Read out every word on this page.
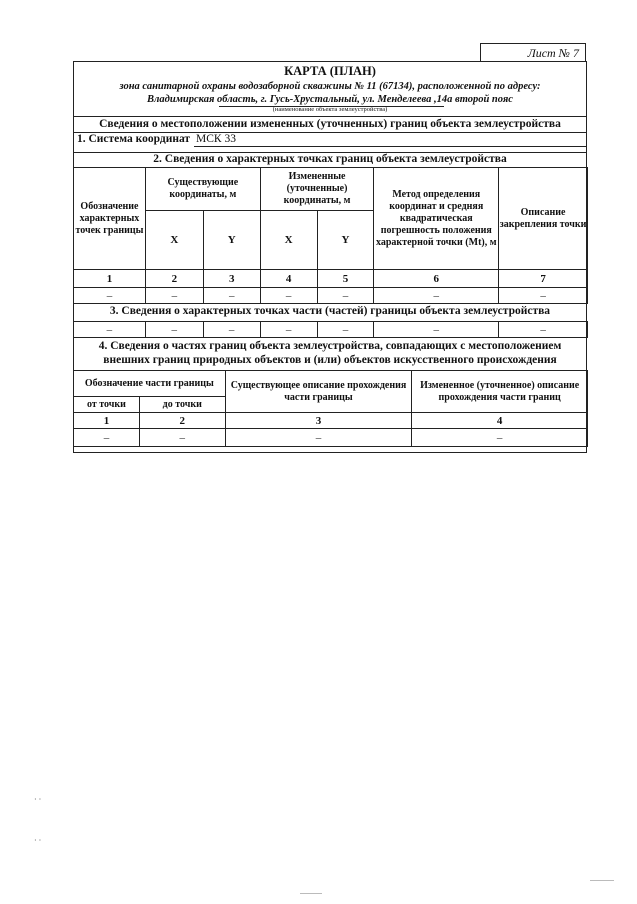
Лист № 7
КАРТА (ПЛАН)
зона санитарной охраны водозаборной скважины № 11 (67134), расположенной по адресу:
Владимирская область, г. Гусь-Хрустальный, ул. Менделеева ,14а второй пояс
(наименование объекта землеустройства)
Сведения о местоположении измененных (уточненных) границ объекта землеустройства
1. Система координат МСК 33
2. Сведения о характерных точках границ объекта землеустройства
Обозначение характерных точек границы	Существующие координаты, м		Измененные (уточненные) координаты, м		Метод определения координат и средняя квадратическая погрешность положения характерной точки (Mt), м	Описание закрепления точки
	X	Y	X	Y		
1	2	3	4	5	6	7
–	–	–	–	–	–	–
3. Сведения о характерных точках части (частей) границы объекта землеустройства
–	–	–	–	–	–	–
4. Сведения о частях границ объекта землеустройства, совпадающих с местоположением
внешних границ природных объектов и (или) объектов искусственного происхождения
Обозначение части границы		Существующее описание прохождения части границы	Измененное (уточненное) описание прохождения части границ
от точки	до точки		
1	2	3	4
–	–	–	–
· ·
· ·
